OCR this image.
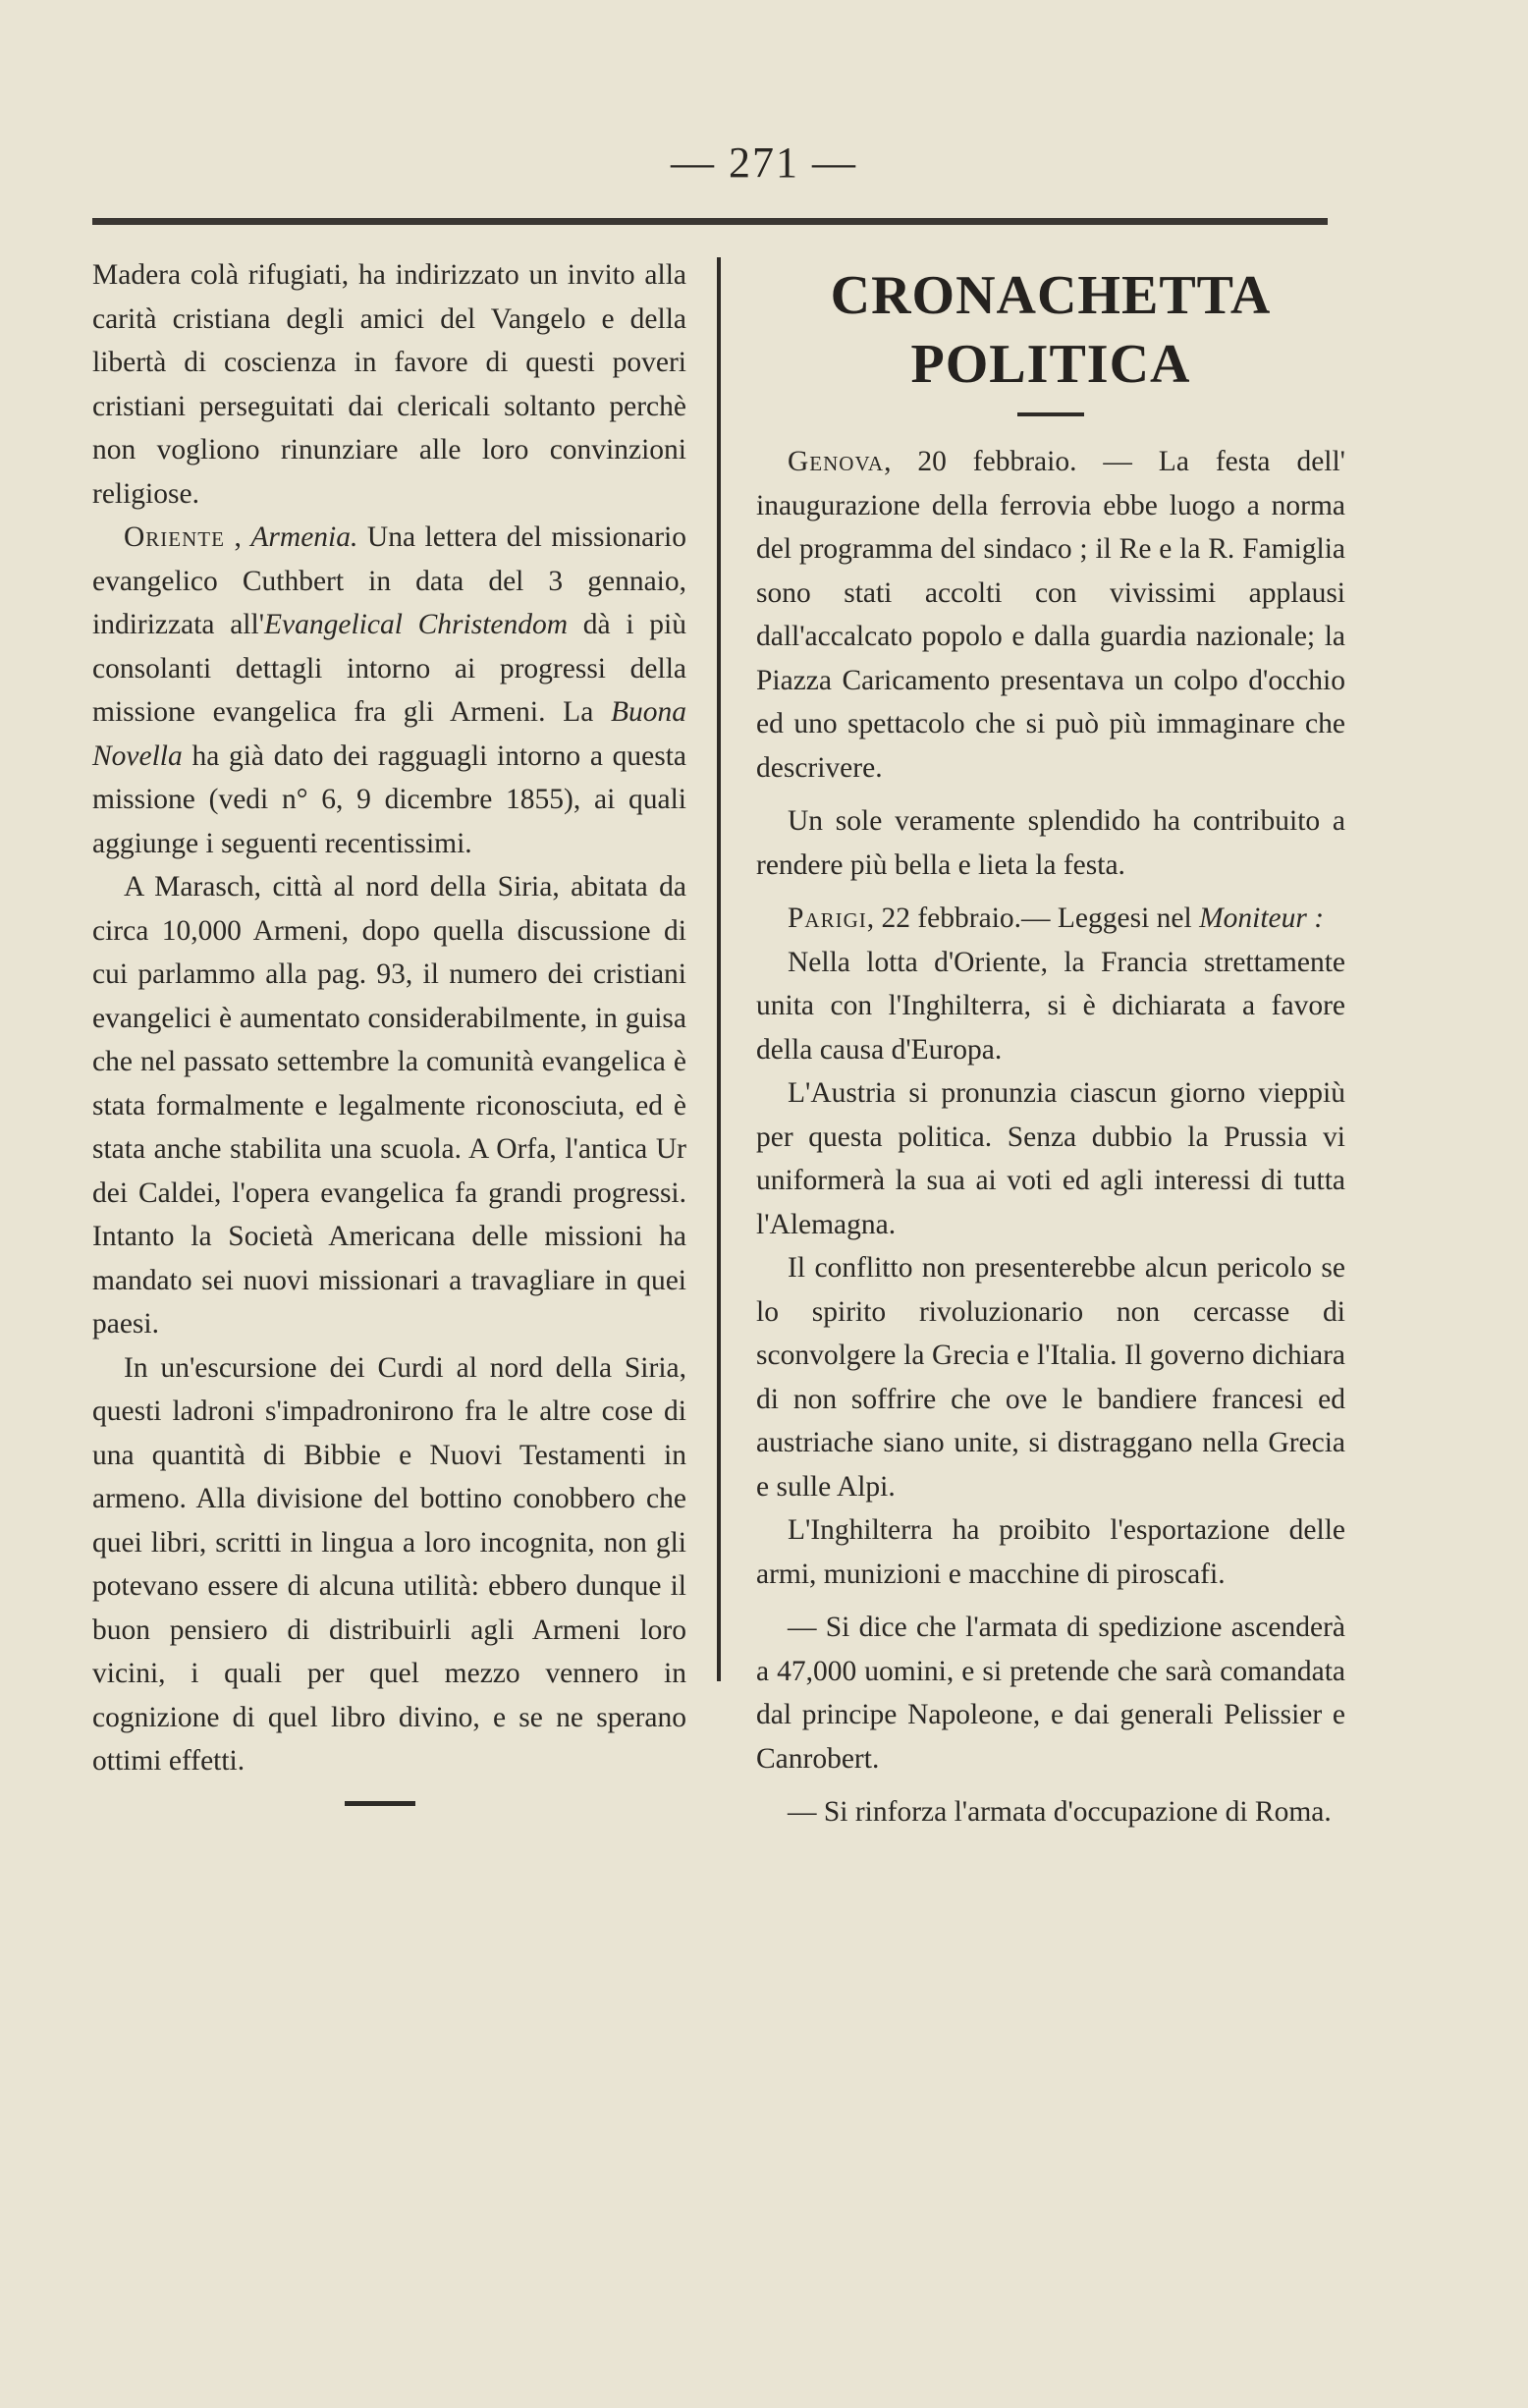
— 271 —

Madera colà rifugiati, ha indirizzato un invito alla carità cristiana degli amici del Vangelo e della libertà di coscienza in favore di questi poveri cristiani perseguitati dai clericali soltanto perchè non vogliono rinunziare alle loro convinzioni religiose.

Oriente , Armenia. Una lettera del missionario evangelico Cuthbert in data del 3 gennaio, indirizzata all'Evangelical Christendom dà i più consolanti dettagli intorno ai progressi della missione evangelica fra gli Armeni. La Buona Novella ha già dato dei ragguagli intorno a questa missione (vedi n° 6, 9 dicembre 1855), ai quali aggiunge i seguenti recentissimi.

A Marasch, città al nord della Siria, abitata da circa 10,000 Armeni, dopo quella discussione di cui parlammo alla pag. 93, il numero dei cristiani evangelici è aumentato considerabilmente, in guisa che nel passato settembre la comunità evangelica è stata formalmente e legalmente riconosciuta, ed è stata anche stabilita una scuola. A Orfa, l'antica Ur dei Caldei, l'opera evangelica fa grandi progressi. Intanto la Società Americana delle missioni ha mandato sei nuovi missionari a travagliare in quei paesi.

In un'escursione dei Curdi al nord della Siria, questi ladroni s'impadronirono fra le altre cose di una quantità di Bibbie e Nuovi Testamenti in armeno. Alla divisione del bottino conobbero che quei libri, scritti in lingua a loro incognita, non gli potevano essere di alcuna utilità: ebbero dunque il buon pensiero di distribuirli agli Armeni loro vicini, i quali per quel mezzo vennero in cognizione di quel libro divino, e se ne sperano ottimi effetti.

CRONACHETTA POLITICA

Genova, 20 febbraio. — La festa dell' inaugurazione della ferrovia ebbe luogo a norma del programma del sindaco ; il Re e la R. Famiglia sono stati accolti con vivissimi applausi dall'accalcato popolo e dalla guardia nazionale; la Piazza Caricamento presentava un colpo d'occhio ed uno spettacolo che si può più immaginare che descrivere.

Un sole veramente splendido ha contribuito a rendere più bella e lieta la festa.

Parigi, 22 febbraio.— Leggesi nel Moniteur :

Nella lotta d'Oriente, la Francia strettamente unita con l'Inghilterra, si è dichiarata a favore della causa d'Europa.

L'Austria si pronunzia ciascun giorno vieppiù per questa politica. Senza dubbio la Prussia vi uniformerà la sua ai voti ed agli interessi di tutta l'Alemagna.

Il conflitto non presenterebbe alcun pericolo se lo spirito rivoluzionario non cercasse di sconvolgere la Grecia e l'Italia. Il governo dichiara di non soffrire che ove le bandiere francesi ed austriache siano unite, si distraggano nella Grecia e sulle Alpi.

L'Inghilterra ha proibito l'esportazione delle armi, munizioni e macchine di piroscafi.

— Si dice che l'armata di spedizione ascenderà a 47,000 uomini, e si pretende che sarà comandata dal principe Napoleone, e dai generali Pelissier e Canrobert.

— Si rinforza l'armata d'occupazione di Roma.
